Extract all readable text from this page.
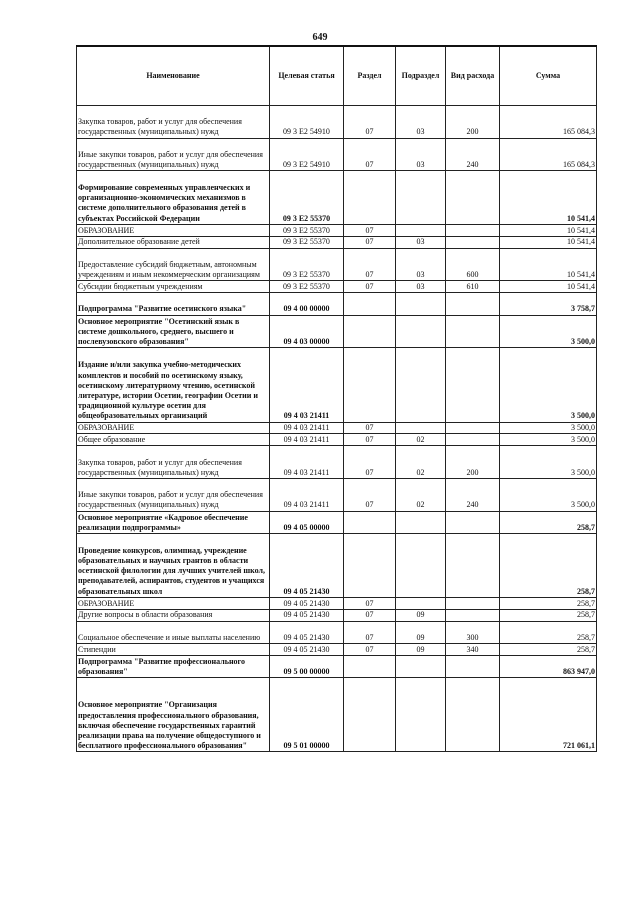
649
Наименование	Целевая статья	Раздел	Подраздел	Вид расхода	Сумма
Закупка товаров, работ и услуг для обеспечения государственных (муниципальных) нужд	09 3 E2 54910	07	03	200	165 084,3
Иные закупки товаров, работ и услуг для обеспечения государственных (муниципальных) нужд	09 3 E2 54910	07	03	240	165 084,3
Формирование современных управленческих и организационно-экономических механизмов в системе дополнительного образования детей в субъектах Российской Федерации	09 3 E2 55370				10 541,4
ОБРАЗОВАНИЕ	09 3 E2 55370	07			10 541,4
Дополнительное образование детей	09 3 E2 55370	07	03		10 541,4
Предоставление субсидий бюджетным, автономным учреждениям и иным некоммерческим организациям	09 3 E2 55370	07	03	600	10 541,4
Субсидии бюджетным учреждениям	09 3 E2 55370	07	03	610	10 541,4
Подпрограмма "Развитие осетинского языка"	09 4 00 00000				3 758,7
Основное мероприятие "Осетинский язык в системе дошкольного, среднего, высшего и послевузовского образования"	09 4 03 00000				3 500,0
Издание и/или закупка учебно-методических комплектов и пособий по осетинскому языку, осетинскому литературному чтению, осетинской литературе, истории Осетии, географии Осетии и традиционной культуре осетин для общеобразовательных организаций	09 4 03 21411				3 500,0
ОБРАЗОВАНИЕ	09 4 03 21411	07			3 500,0
Общее образование	09 4 03 21411	07	02		3 500,0
Закупка товаров, работ и услуг для обеспечения государственных (муниципальных) нужд	09 4 03 21411	07	02	200	3 500,0
Иные закупки товаров, работ и услуг для обеспечения государственных (муниципальных) нужд	09 4 03 21411	07	02	240	3 500,0
Основное мероприятие «Кадровое обеспечение реализации подпрограммы»	09 4 05 00000				258,7
Проведение конкурсов, олимпиад, учреждение образовательных и научных грантов в области осетинской филологии для лучших учителей школ, преподавателей, аспирантов, студентов и учащихся образовательных школ	09 4 05 21430				258,7
ОБРАЗОВАНИЕ	09 4 05 21430	07			258,7
Другие вопросы в области образования	09 4 05 21430	07	09		258,7
Социальное обеспечение и иные выплаты населению	09 4 05 21430	07	09	300	258,7
Стипендии	09 4 05 21430	07	09	340	258,7
Подпрограмма "Развитие профессионального образования"	09 5 00 00000				863 947,0
Основное мероприятие "Организация предоставления профессионального образования, включая обеспечение государственных гарантий реализации права на получение общедоступного и бесплатного профессионального образования"	09 5 01 00000				721 061,1
